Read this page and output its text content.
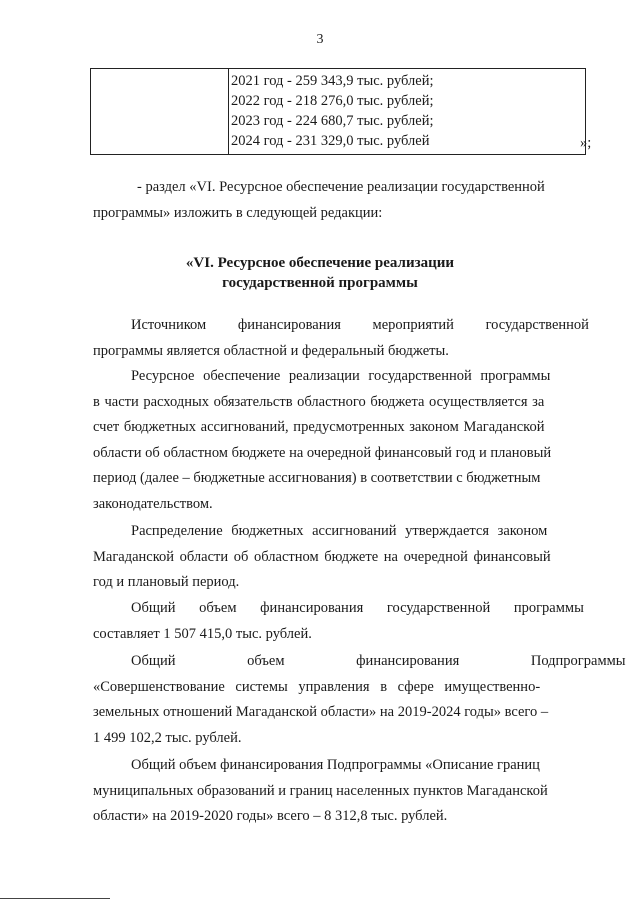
3
2021 год - 259 343,9 тыс. рублей;
2022 год - 218 276,0 тыс. рублей;
2023 год - 224 680,7 тыс. рублей;
2024 год - 231 329,0 тыс. рублей	»;
- раздел «VI. Ресурсное обеспечение реализации государственной
программы» изложить в следующей редакции:
«VI. Ресурсное обеспечение реализации
государственной программы
Источником финансирования мероприятий государственной
программы является областной и федеральный бюджеты.
Ресурсное обеспечение реализации государственной программы
в части расходных обязательств областного бюджета осуществляется за
счет бюджетных ассигнований, предусмотренных законом Магаданской
области об областном бюджете на очередной финансовый год и плановый
период (далее – бюджетные ассигнования) в соответствии с бюджетным
законодательством.
Распределение бюджетных ассигнований утверждается законом
Магаданской области об областном бюджете на очередной финансовый
год и плановый период.
Общий объем финансирования государственной программы
составляет 1 507 415,0 тыс. рублей.
Общий объем финансирования Подпрограммы
«Совершенствование системы управления в сфере имущественно-
земельных отношений Магаданской области» на 2019-2024 годы» всего –
1 499 102,2 тыс. рублей.
Общий объем финансирования Подпрограммы «Описание границ
муниципальных образований и границ населенных пунктов Магаданской
области» на 2019-2020 годы» всего – 8 312,8 тыс. рублей.
